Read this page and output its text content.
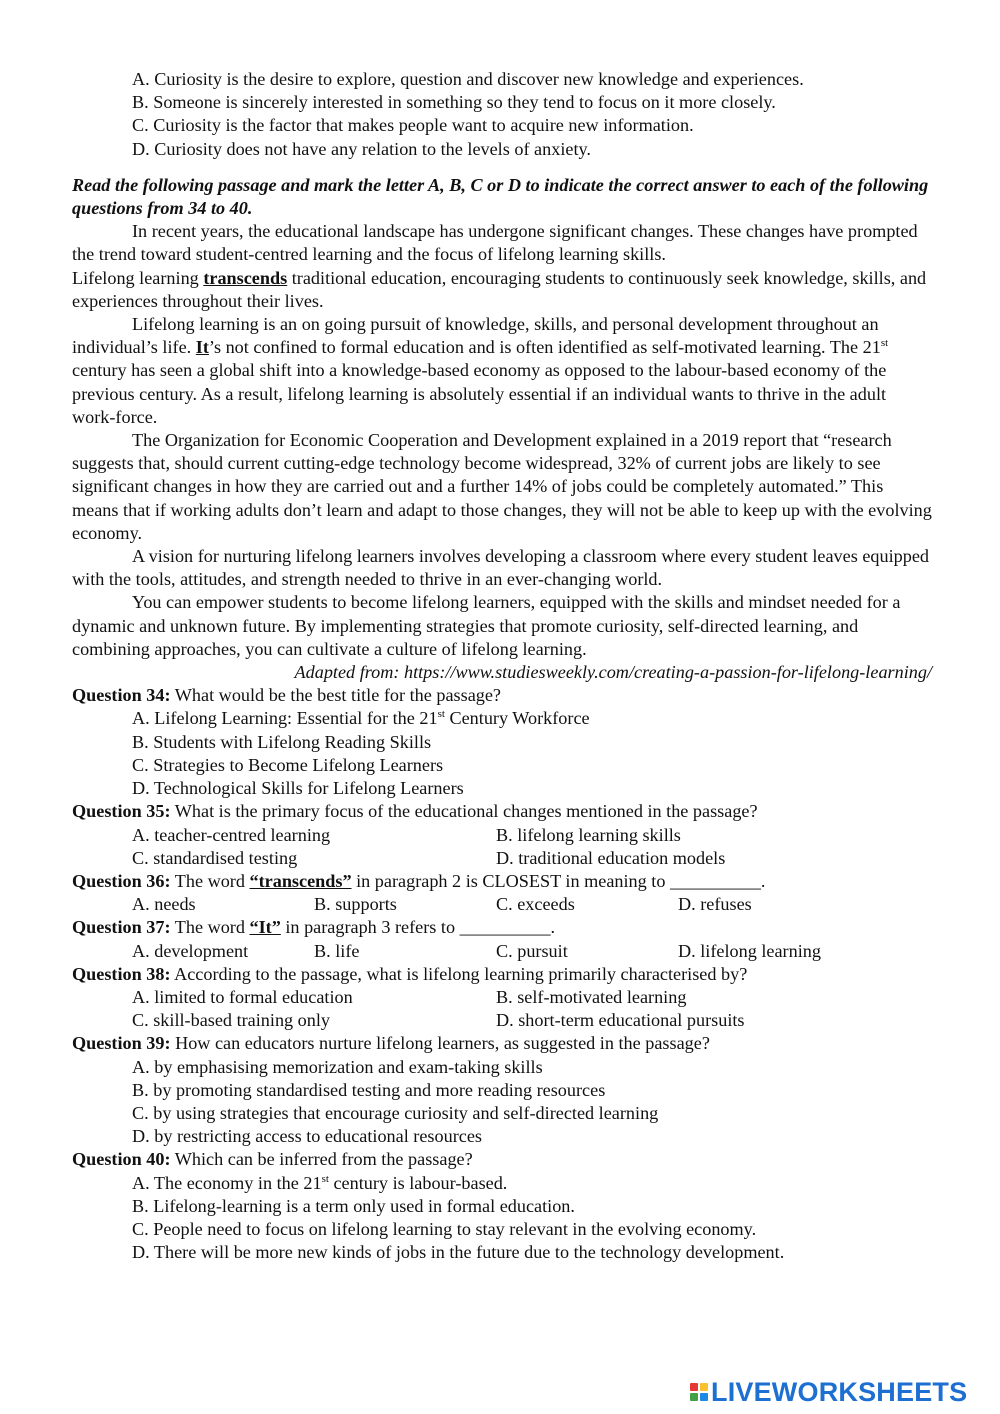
A. Curiosity is the desire to explore, question and discover new knowledge and experiences.
B. Someone is sincerely interested in something so they tend to focus on it more closely.
C. Curiosity is the factor that makes people want to acquire new information.
D. Curiosity does not have any relation to the levels of anxiety.
Read the following passage and mark the letter A, B, C or D to indicate the correct answer to each of the following questions from 34 to 40.
In recent years, the educational landscape has undergone significant changes. These changes have prompted the trend toward student-centred learning and the focus of lifelong learning skills.
Lifelong learning transcends traditional education, encouraging students to continuously seek knowledge, skills, and experiences throughout their lives.
Lifelong learning is an on going pursuit of knowledge, skills, and personal development throughout an individual’s life. It’s not confined to formal education and is often identified as self-motivated learning. The 21st century has seen a global shift into a knowledge-based economy as opposed to the labour-based economy of the previous century. As a result, lifelong learning is absolutely essential if an individual wants to thrive in the adult work-force.
The Organization for Economic Cooperation and Development explained in a 2019 report that “research suggests that, should current cutting-edge technology become widespread, 32% of current jobs are likely to see significant changes in how they are carried out and a further 14% of jobs could be completely automated.” This means that if working adults don’t learn and adapt to those changes, they will not be able to keep up with the evolving economy.
A vision for nurturing lifelong learners involves developing a classroom where every student leaves equipped with the tools, attitudes, and strength needed to thrive in an ever-changing world.
You can empower students to become lifelong learners, equipped with the skills and mindset needed for a dynamic and unknown future. By implementing strategies that promote curiosity, self-directed learning, and combining approaches, you can cultivate a culture of lifelong learning.
Adapted from: https://www.studiesweekly.com/creating-a-passion-for-lifelong-learning/
Question 34: What would be the best title for the passage?
A. Lifelong Learning: Essential for the 21st Century Workforce
B. Students with Lifelong Reading Skills
C. Strategies to Become Lifelong Learners
D. Technological Skills for Lifelong Learners
Question 35: What is the primary focus of the educational changes mentioned in the passage?
A. teacher-centred learning	B. lifelong learning skills
C. standardised testing	D. traditional education models
Question 36: The word “transcends” in paragraph 2 is CLOSEST in meaning to __________.
A. needs	B. supports	C. exceeds	D. refuses
Question 37: The word “It” in paragraph 3 refers to __________.
A. development	B. life	C. pursuit	D. lifelong learning
Question 38: According to the passage, what is lifelong learning primarily characterised by?
A. limited to formal education	B. self-motivated learning
C. skill-based training only	D. short-term educational pursuits
Question 39: How can educators nurture lifelong learners, as suggested in the passage?
A. by emphasising memorization and exam-taking skills
B. by promoting standardised testing and more reading resources
C. by using strategies that encourage curiosity and self-directed learning
D. by restricting access to educational resources
Question 40: Which can be inferred from the passage?
A. The economy in the 21st century is labour-based.
B. Lifelong-learning is a term only used in formal education.
C. People need to focus on lifelong learning to stay relevant in the evolving economy.
D. There will be more new kinds of jobs in the future due to the technology development.
LIVEWORKSHEETS
